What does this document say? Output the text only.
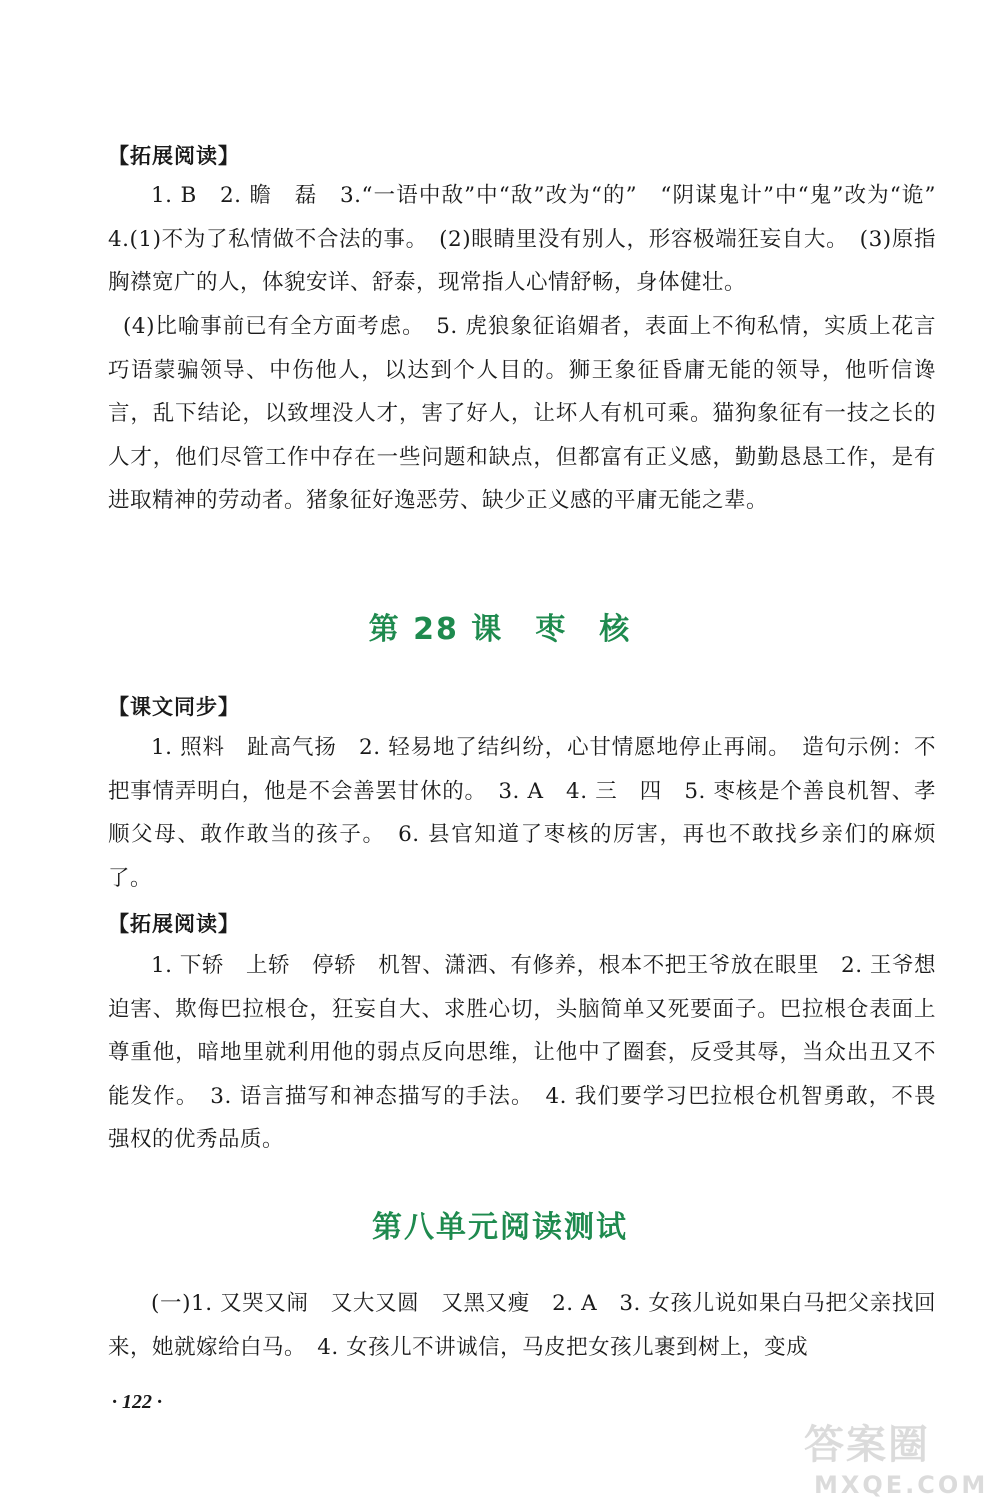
【拓展阅读】
1. B　2. 瞻　磊　3.“一语中敌”中“敌”改为“的”　“阴谋鬼计”中“鬼”改为“诡”　4.(1)不为了私情做不合法的事。　(2)眼睛里没有别人，形容极端狂妄自大。　(3)原指胸襟宽广的人，体貌安详、舒泰，现常指人心情舒畅，身体健壮。
(4)比喻事前已有全方面考虑。　5. 虎狼象征谄媚者，表面上不徇私情，实质上花言巧语蒙骗领导、中伤他人，以达到个人目的。狮王象征昏庸无能的领导，他听信谗言，乱下结论，以致埋没人才，害了好人，让坏人有机可乘。猫狗象征有一技之长的人才，他们尽管工作中存在一些问题和缺点，但都富有正义感，勤勤恳恳工作，是有进取精神的劳动者。猪象征好逸恶劳、缺少正义感的平庸无能之辈。
第 28 课　枣　核
【课文同步】
1. 照料　趾高气扬　2. 轻易地了结纠纷，心甘情愿地停止再闹。　造句示例：不把事情弄明白，他是不会善罢甘休的。　3. A　4. 三　四　5. 枣核是个善良机智、孝顺父母、敢作敢当的孩子。　6. 县官知道了枣核的厉害，再也不敢找乡亲们的麻烦了。
【拓展阅读】
1. 下轿　上轿　停轿　机智、潇洒、有修养，根本不把王爷放在眼里　2. 王爷想迫害、欺侮巴拉根仓，狂妄自大、求胜心切，头脑简单又死要面子。巴拉根仓表面上尊重他，暗地里就利用他的弱点反向思维，让他中了圈套，反受其辱，当众出丑又不能发作。　3. 语言描写和神态描写的手法。　4. 我们要学习巴拉根仓机智勇敢，不畏强权的优秀品质。
第八单元阅读测试
(一)1. 又哭又闹　又大又圆　又黑又瘦　2. A　3. 女孩儿说如果白马把父亲找回来，她就嫁给白马。　4. 女孩儿不讲诚信，马皮把女孩儿裹到树上，变成
· 122 ·
答案圈
MXQE.COM
